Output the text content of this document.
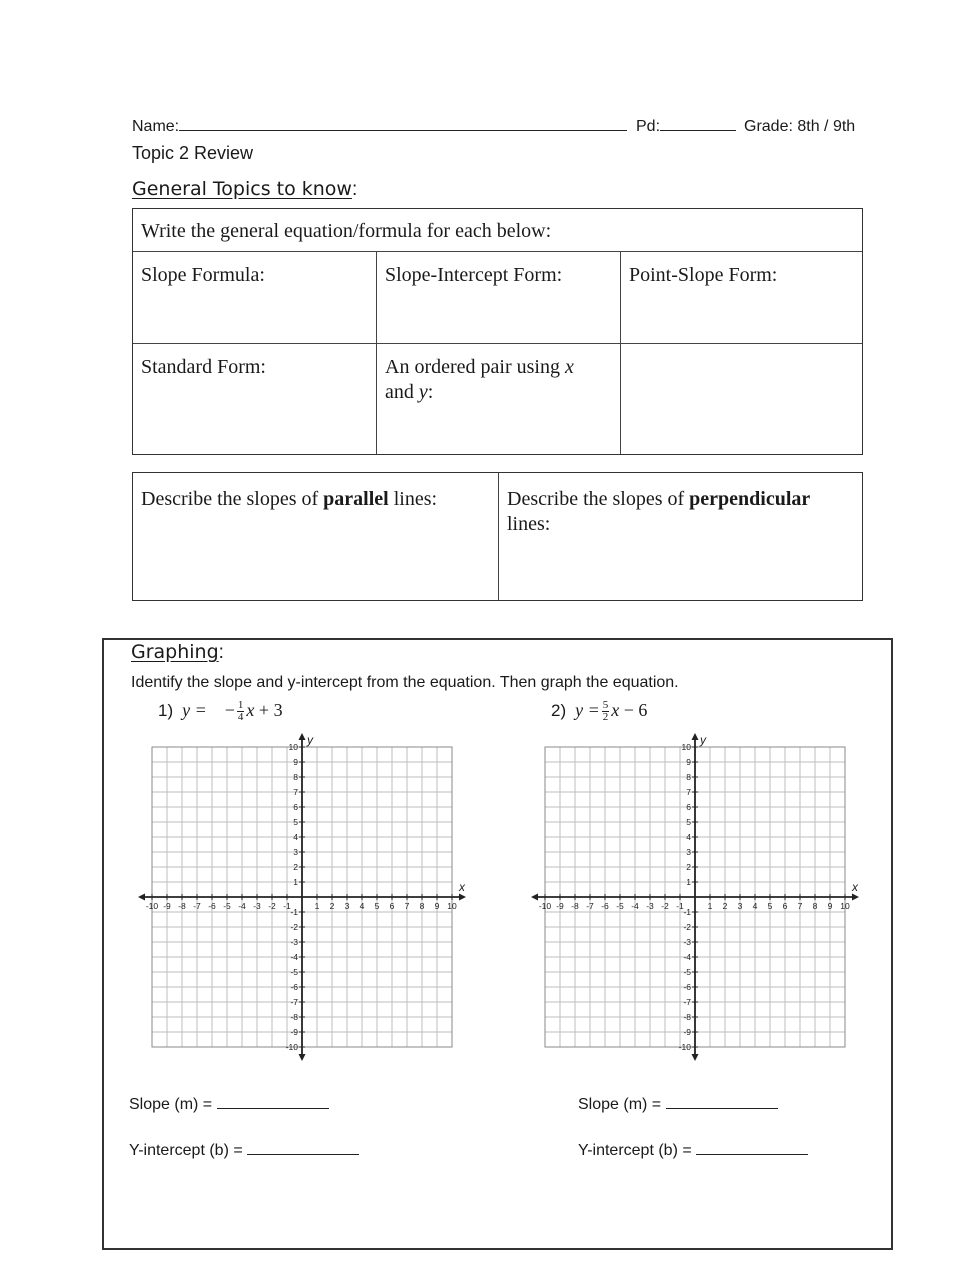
Name:	Pd:	Grade: 8th / 9th
Topic 2 Review
General Topics to know:
Write the general equation/formula for each below:
Slope Formula:	Slope-Intercept Form:	Point-Slope Form:
Standard Form:	An ordered pair using x
and y:
Describe the slopes of parallel lines:	Describe the slopes of perpendicular
lines:
Graphing:
Identify the slope and y-intercept from the equation. Then graph the equation.
1) y = − $\frac{1}{4}$ x + 3	2) $y = \frac{5}{2}$ x − 6
-10 -9 -8 -7 -6 -5 -4 -3 -2 -1	1 2 3 4 5 6 7 8 9 10
10
9
8
7
6
5
4
3
2
1
-1
-2
-3
-4
-5
-6
-7
-8
-9
-10
x
y
-10 -9 -8 -7 -6 -5 -4 -3 -2 -1	1 2 3 4 5 6 7 8 9 10
10
9
8
7
6
5
4
3
2
1
-1
-2
-3
-4
-5
-6
-7
-8
-9
-10
x
y
Slope (m) =
Y-intercept (b) =
Slope (m) =
Y-intercept (b) =
